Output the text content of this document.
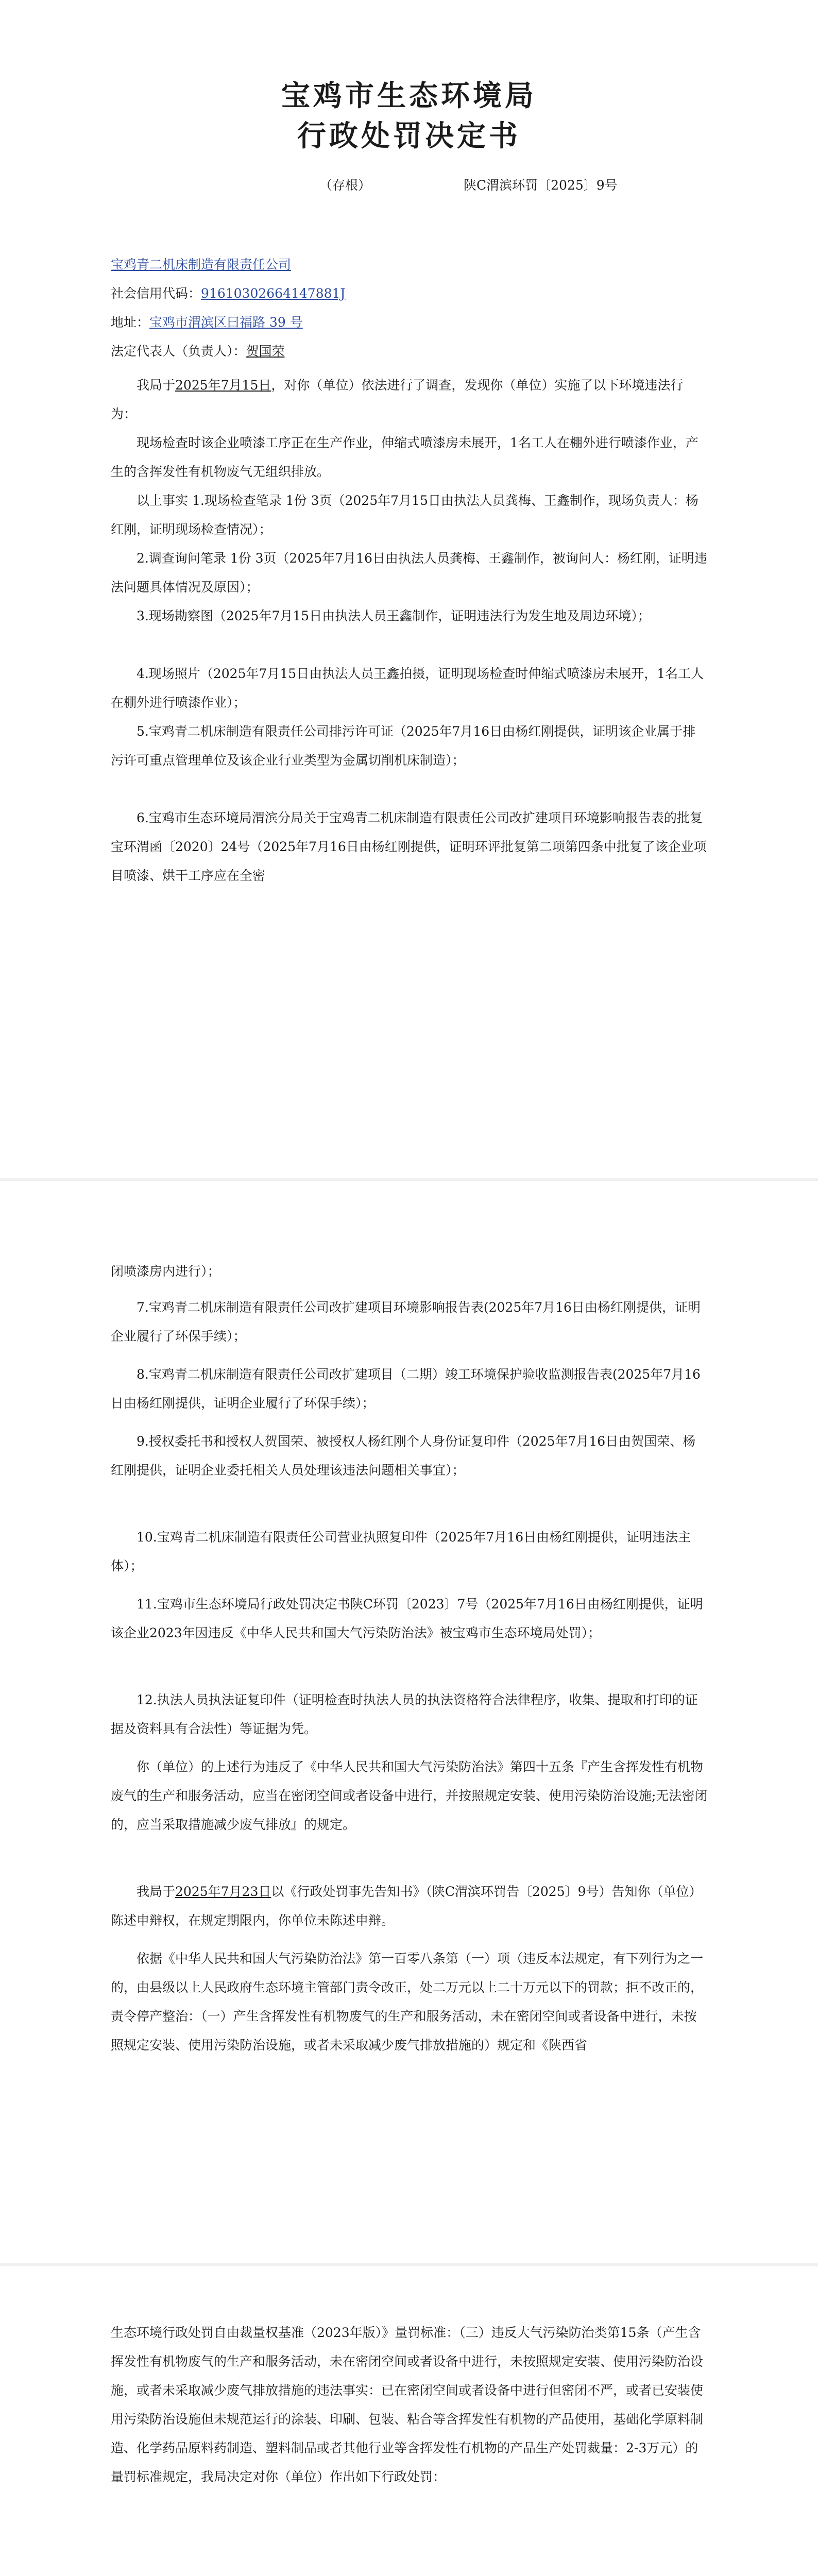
宝鸡市生态环境局
行政处罚决定书
（存根）	陕C渭滨环罚〔2025〕9号
宝鸡青二机床制造有限责任公司
社会信用代码：91610302664147881J
地址：宝鸡市渭滨区曰福路 39 号
法定代表人（负责人）：贺国荣
我局于2025年7月15日，对你（单位）依法进行了调查，发现你（单位）实施了以下环境违法行为：
现场检查时该企业喷漆工序正在生产作业，伸缩式喷漆房未展开，1名工人在棚外进行喷漆作业，产生的含挥发性有机物废气无组织排放。
以上事实 1.现场检查笔录 1份 3页（2025年7月15日由执法人员龚梅、王鑫制作，现场负责人：杨红刚，证明现场检查情况）；
2.调查询问笔录 1份 3页（2025年7月16日由执法人员龚梅、王鑫制作，被询问人：杨红刚，证明违法问题具体情况及原因）；
3.现场勘察图（2025年7月15日由执法人员王鑫制作，证明违法行为发生地及周边环境）；
4.现场照片（2025年7月15日由执法人员王鑫拍摄，证明现场检查时伸缩式喷漆房未展开，1名工人在棚外进行喷漆作业）；
5.宝鸡青二机床制造有限责任公司排污许可证（2025年7月16日由杨红刚提供，证明该企业属于排污许可重点管理单位及该企业行业类型为金属切削机床制造）；
6.宝鸡市生态环境局渭滨分局关于宝鸡青二机床制造有限责任公司改扩建项目环境影响报告表的批复宝环渭函〔2020〕24号（2025年7月16日由杨红刚提供，证明环评批复第二项第四条中批复了该企业项目喷漆、烘干工序应在全密
闭喷漆房内进行）；
7.宝鸡青二机床制造有限责任公司改扩建项目环境影响报告表(2025年7月16日由杨红刚提供，证明企业履行了环保手续）；
8.宝鸡青二机床制造有限责任公司改扩建项目（二期）竣工环境保护验收监测报告表(2025年7月16日由杨红刚提供，证明企业履行了环保手续）；
9.授权委托书和授权人贺国荣、被授权人杨红刚个人身份证复印件（2025年7月16日由贺国荣、杨红刚提供，证明企业委托相关人员处理该违法问题相关事宜）；
10.宝鸡青二机床制造有限责任公司营业执照复印件（2025年7月16日由杨红刚提供，证明违法主体）；
11.宝鸡市生态环境局行政处罚决定书陕C环罚〔2023〕7号（2025年7月16日由杨红刚提供，证明该企业2023年因违反《中华人民共和国大气污染防治法》被宝鸡市生态环境局处罚）；
12.执法人员执法证复印件（证明检查时执法人员的执法资格符合法律程序，收集、提取和打印的证据及资料具有合法性）等证据为凭。
你（单位）的上述行为违反了《中华人民共和国大气污染防治法》第四十五条『产生含挥发性有机物废气的生产和服务活动，应当在密闭空间或者设备中进行，并按照规定安装、使用污染防治设施;无法密闭的，应当采取措施减少废气排放』的规定。
我局于2025年7月23日以《行政处罚事先告知书》（陕C渭滨环罚告〔2025〕9号）告知你（单位）陈述申辩权，在规定期限内，你单位未陈述申辩。
依据《中华人民共和国大气污染防治法》第一百零八条第（一）项（违反本法规定，有下列行为之一的，由县级以上人民政府生态环境主管部门责令改正，处二万元以上二十万元以下的罚款；拒不改正的，责令停产整治：（一）产生含挥发性有机物废气的生产和服务活动，未在密闭空间或者设备中进行，未按照规定安装、使用污染防治设施，或者未采取减少废气排放措施的）规定和《陕西省
生态环境行政处罚自由裁量权基准（2023年版）》量罚标准：（三）违反大气污染防治类第15条（产生含挥发性有机物废气的生产和服务活动，未在密闭空间或者设备中进行，未按照规定安装、使用污染防治设施，或者未采取减少废气排放措施的违法事实：已在密闭空间或者设备中进行但密闭不严，或者已安装使用污染防治设施但未规范运行的涂装、印刷、包装、粘合等含挥发性有机物的产品使用，基础化学原料制造、化学药品原料药制造、塑料制品或者其他行业等含挥发性有机物的产品生产处罚裁量：2-3万元）的量罚标准规定，我局决定对你（单位）作出如下行政处罚：
